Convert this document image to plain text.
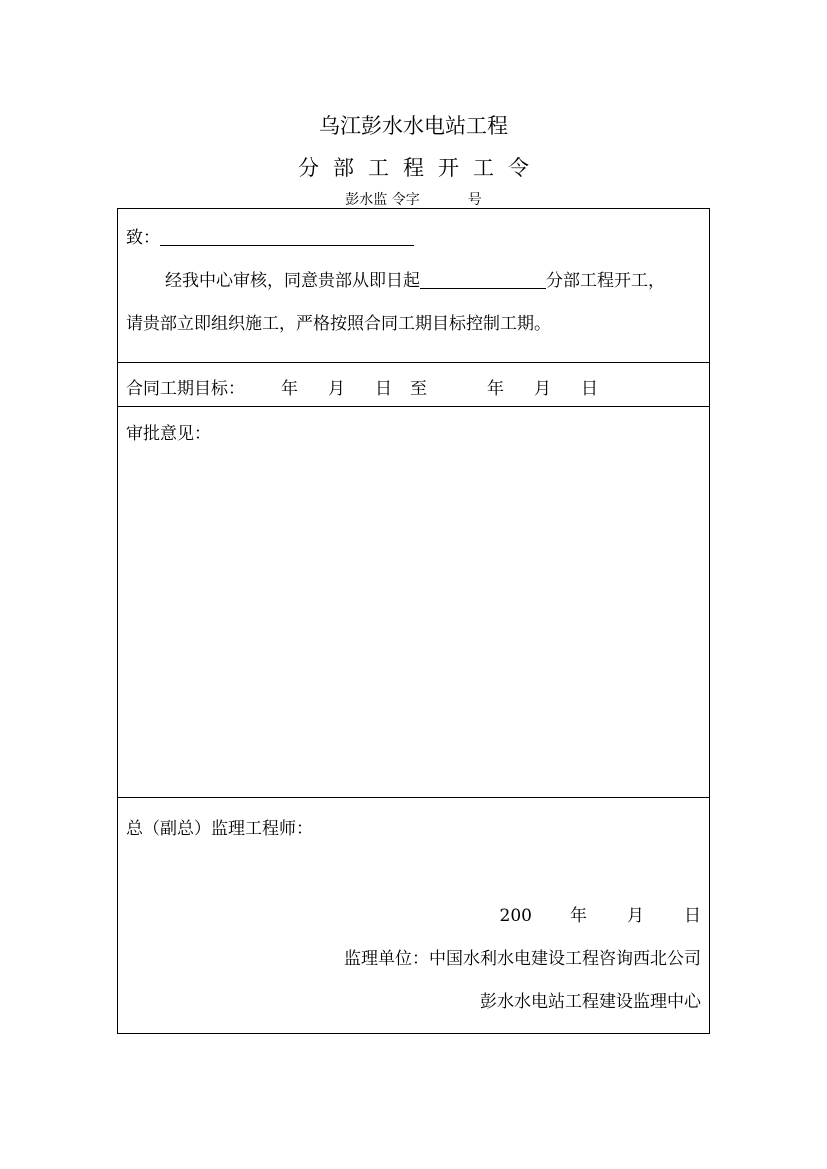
乌江彭水水电站工程
分部工程开工令
彭水监 令字	号
致：
经我中心审核，同意贵部从即日起	分部工程开工，
请贵部立即组织施工，严格按照合同工期目标控制工期。
合同工期目标： 年 月 日 至	年 月 日
审批意见：
总（副总）监理工程师：
200 年 月 日
监理单位：中国水利水电建设工程咨询西北公司
彭水水电站工程建设监理中心
